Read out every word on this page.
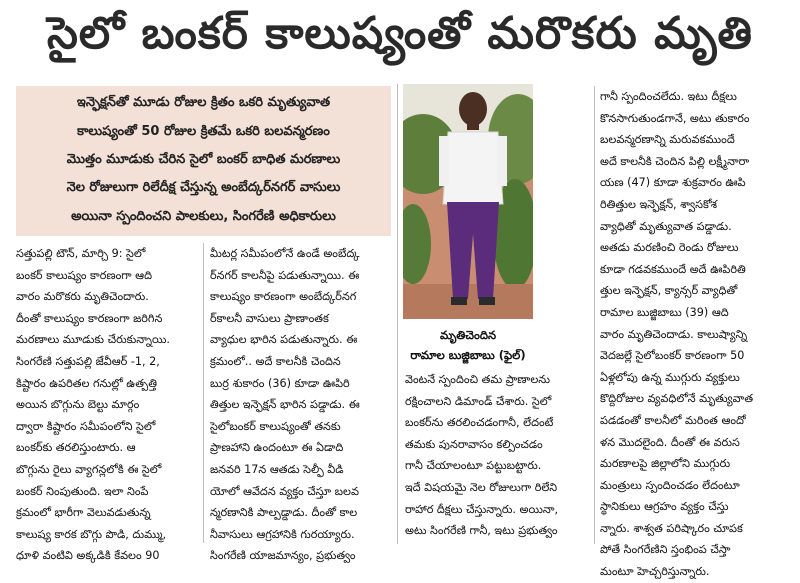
సైలో బంకర్ కాలుష్యంతో మరొకరు మృతి
ఇన్ఫెక్షన్‌తో మూడు రోజుల క్రితం ఒకరి మృత్యువాత
కాలుష్యంతో 50 రోజుల క్రితమే ఒకరి బలవన్మరణం
మొత్తం మూడుకు చేరిన సైలో బంకర్ బాధిత మరణాలు
నెల రోజులుగా రిలేదీక్ష చేస్తున్న అంబేద్కర్‌నగర్ వాసులు
అయినా స్పందించని పాలకులు, సింగరేణి అధికారులు
మృతిచెందిన
రామాల బుజ్జిబాబు (ఫైల్)

సత్తుపల్లి టౌన్, మార్చి 9: సైలో

బంకర్ కాలుష్యం కారణంగా ఆది

వారం మరొకరు మృతిచెందారు.

దీంతో కాలుష్యం కారణంగా జరిగిన

మరణాలు మూడుకు చేరుకున్నాయి.

సింగరేణి సత్తుపల్లి జేవీఆర్ -1, 2,

కిష్టారం ఉపరితల గనుల్లో ఉత్పత్తి

అయిన బొగ్గును బెల్టు మార్గం

ద్వారా కిష్టారం సమీపంలోని సైలో

బంకర్‌కు తరలిస్తుంటారు. ఆ

బొగ్గును రైలు వ్యాగన్లలోకి ఈ సైలో

బంకర్ నింపుతుంది. ఇలా నింపే

క్రమంలో భారీగా వెలువడుతున్న

కాలుష్య కారక బొగ్గు పొడి, దుమ్ము,

ధూళి వంటివి అక్కడికి కేవలం 90

మీటర్ల సమీపంలోనే ఉండే అంబేద్క

ర్‌నగర్ కాలనీపై పడుతున్నాయి. ఈ

కాలుష్యం కారణంగా అంబేద్కర్‌నగ

ర్‌కాలనీ వాసులు ప్రాణాంతక

వ్యాధుల భారిన పడుతున్నారు. ఈ

క్రమంలో.. అదే కాలనీకి చెందిన

బుర్ర శుకారం (36) కూడా ఊపిరి

తిత్తుల ఇన్ఫెక్షన్ భారిన పడ్డాడు. ఈ

సైలోబంకర్ కాలుష్యంతో తనకు

ప్రాణహాని ఉందంటూ ఈ ఏడాది

జనవరి 17న ఆతడు సెల్ఫీ వీడి

యోలో ఆవేదన వ్యక్తం చేస్తూ బలవ

న్మరణానికి పాల్పడ్డాడు. దీంతో కాల

నీవాసులు ఆగ్రహానికి గురయ్యారు.

సింగరేణి యాజమాన్యం, ప్రభుత్వం

వెంటనే స్పందించి తమ ప్రాణాలను

రక్షించాలని డిమాండ్ చేశారు. సైలో

బంకర్‌ను తరలించడంగానీ, లేదంటే

తమకు పునరావాసం కల్పించడం

గానీ చేయాలంటూ పట్టుబట్టారు.

ఇదే విషయమై నెల రోజులుగా రిలేని

రాహార దీక్షలు చేస్తున్నారు. అయినా,

అటు సింగరేణి గానీ, ఇటు ప్రభుత్వం

గానీ స్పందించలేదు. ఇటు దీక్షలు

కొనసాగుతుండగానే, అటు తుకారం

బలవన్మరణాన్ని మరువకముందే

అదే కాలనీకి చెందిన పిల్లి లక్ష్మీనారా

యణ (47) కూడా శుక్రవారం ఊపి

రితిత్తుల ఇన్ఫెక్షన్, శ్వాసకోశ

వ్యాధితో మృత్యువాత పడ్డాడు.

అతడు మరణించి రెండు రోజులు

కూడా గడవకముందే అదే ఊపిరితి

త్తుల ఇన్ఫెక్షన్, క్యాన్సర్ వ్యాధితో

రామాల బుజ్జిబాబు (39) ఆది

వారం మృతిచెందాడు. కాలుష్యాన్ని

వెదజల్లే సైలోబంకర్ కారణంగా 50

ఏళ్లలోపు ఉన్న ముగ్గురు వ్యక్తులు

కొద్దిరోజుల వ్యవధిలోనే మృత్యువాత

పడడంతో కాలనీలో మరింత ఆందో

ళన మొదలైంది. దీంతో ఈ వరుస

మరణాలపై జిల్లాలోని ముగ్గురు

మంత్రులు స్పందించడం లేదంటూ

స్థానికులు ఆగ్రహం వ్యక్తం చేస్తు

న్నారు. శాశ్వత పరిష్కారం చూపక

పోతే సింగరేణిని స్తంభింప చేస్తా

మంటూ హెచ్చరిస్తున్నారు.
